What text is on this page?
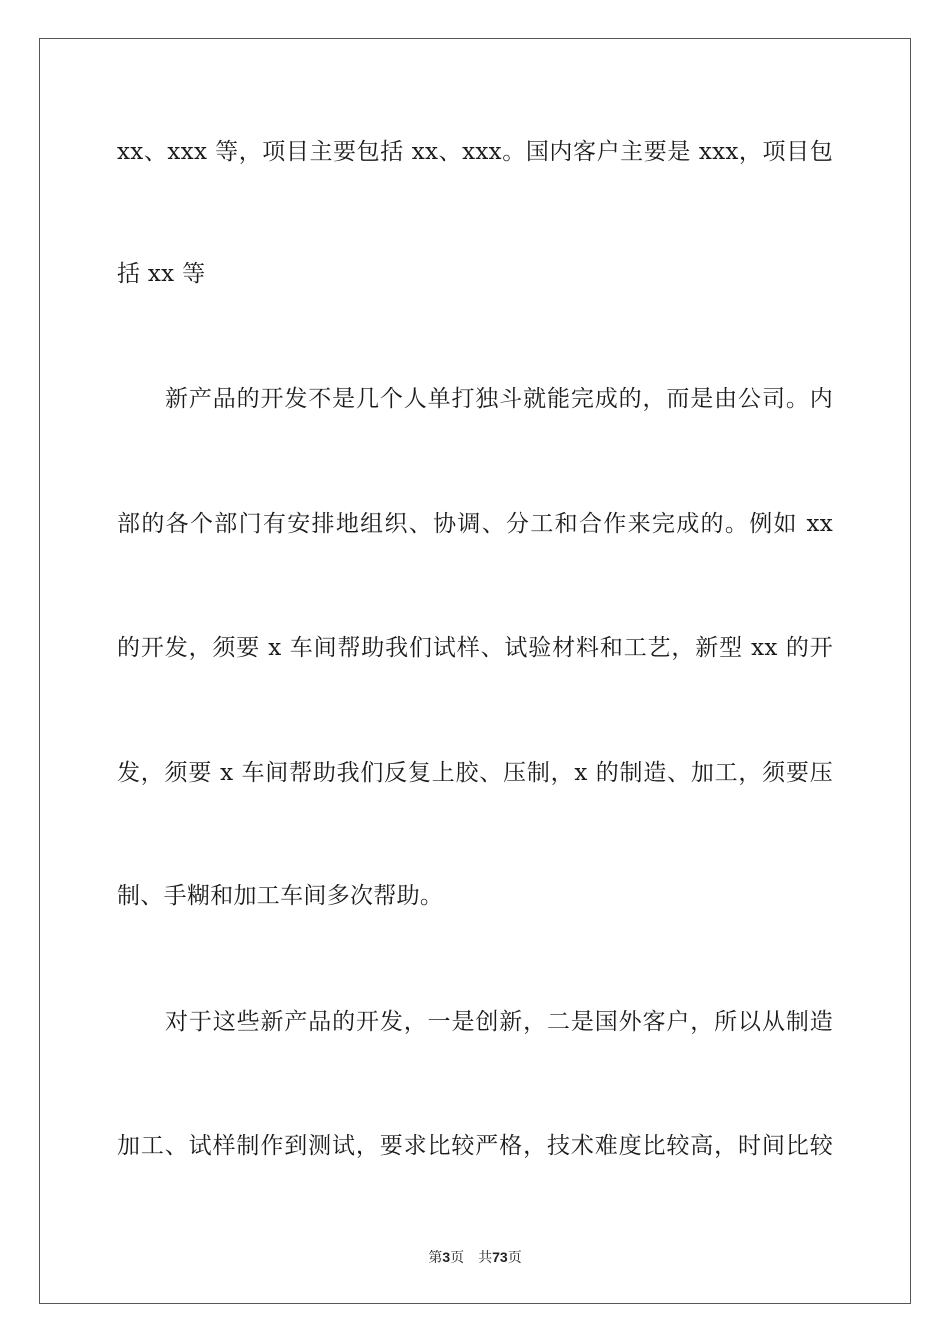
xx、xxx 等，项目主要包括 xx、xxx。国内客户主要是 xxx，项目包
括 xx 等
新产品的开发不是几个人单打独斗就能完成的，而是由公司。内
部的各个部门有安排地组织、协调、分工和合作来完成的。例如 xx
的开发，须要 x 车间帮助我们试样、试验材料和工艺，新型 xx 的开
发，须要 x 车间帮助我们反复上胶、压制，x 的制造、加工，须要压
制、手糊和加工车间多次帮助。
对于这些新产品的开发，一是创新，二是国外客户，所以从制造
加工、试样制作到测试，要求比较严格，技术难度比较高，时间比较
第3页 共73页
